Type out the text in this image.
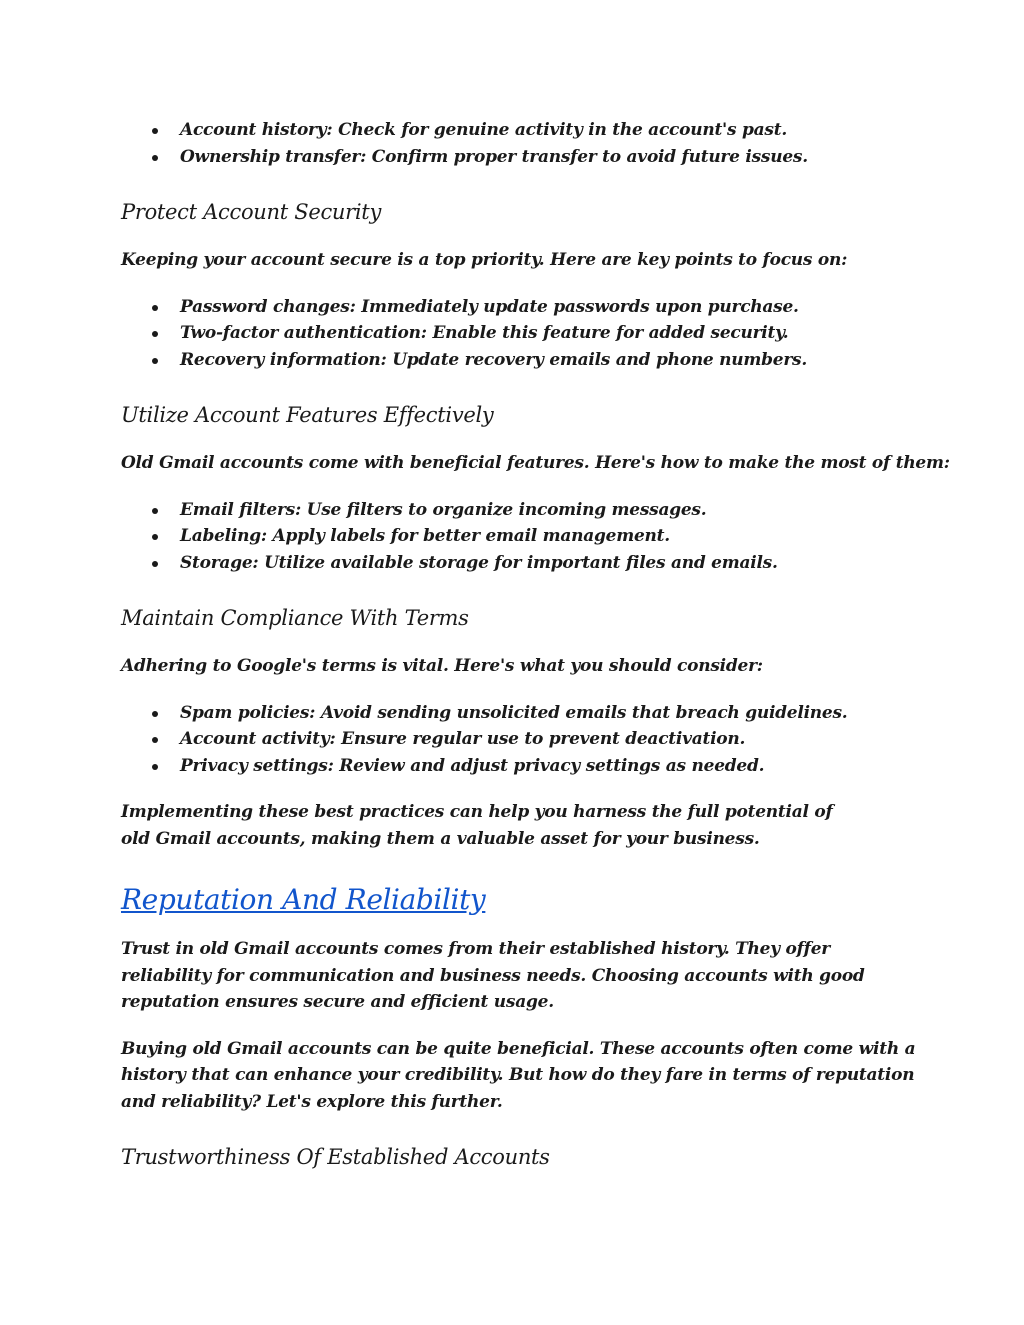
Account history: Check for genuine activity in the account's past.
Ownership transfer: Confirm proper transfer to avoid future issues.
Protect Account Security

Keeping your account secure is a top priority. Here are key points to focus on:

Password changes: Immediately update passwords upon purchase.
Two-factor authentication: Enable this feature for added security.
Recovery information: Update recovery emails and phone numbers.
Utilize Account Features Effectively

Old Gmail accounts come with beneficial features. Here's how to make the most of them:

Email filters: Use filters to organize incoming messages.
Labeling: Apply labels for better email management.
Storage: Utilize available storage for important files and emails.
Maintain Compliance With Terms

Adhering to Google's terms is vital. Here's what you should consider:

Spam policies: Avoid sending unsolicited emails that breach guidelines.
Account activity: Ensure regular use to prevent deactivation.
Privacy settings: Review and adjust privacy settings as needed.

Implementing these best practices can help you harness the full potential of old Gmail accounts, making them a valuable asset for your business.

Reputation And Reliability

Trust in old Gmail accounts comes from their established history. They offer reliability for communication and business needs. Choosing accounts with good reputation ensures secure and efficient usage.

Buying old Gmail accounts can be quite beneficial. These accounts often come with a history that can enhance your credibility. But how do they fare in terms of reputation and reliability? Let's explore this further.

Trustworthiness Of Established Accounts
